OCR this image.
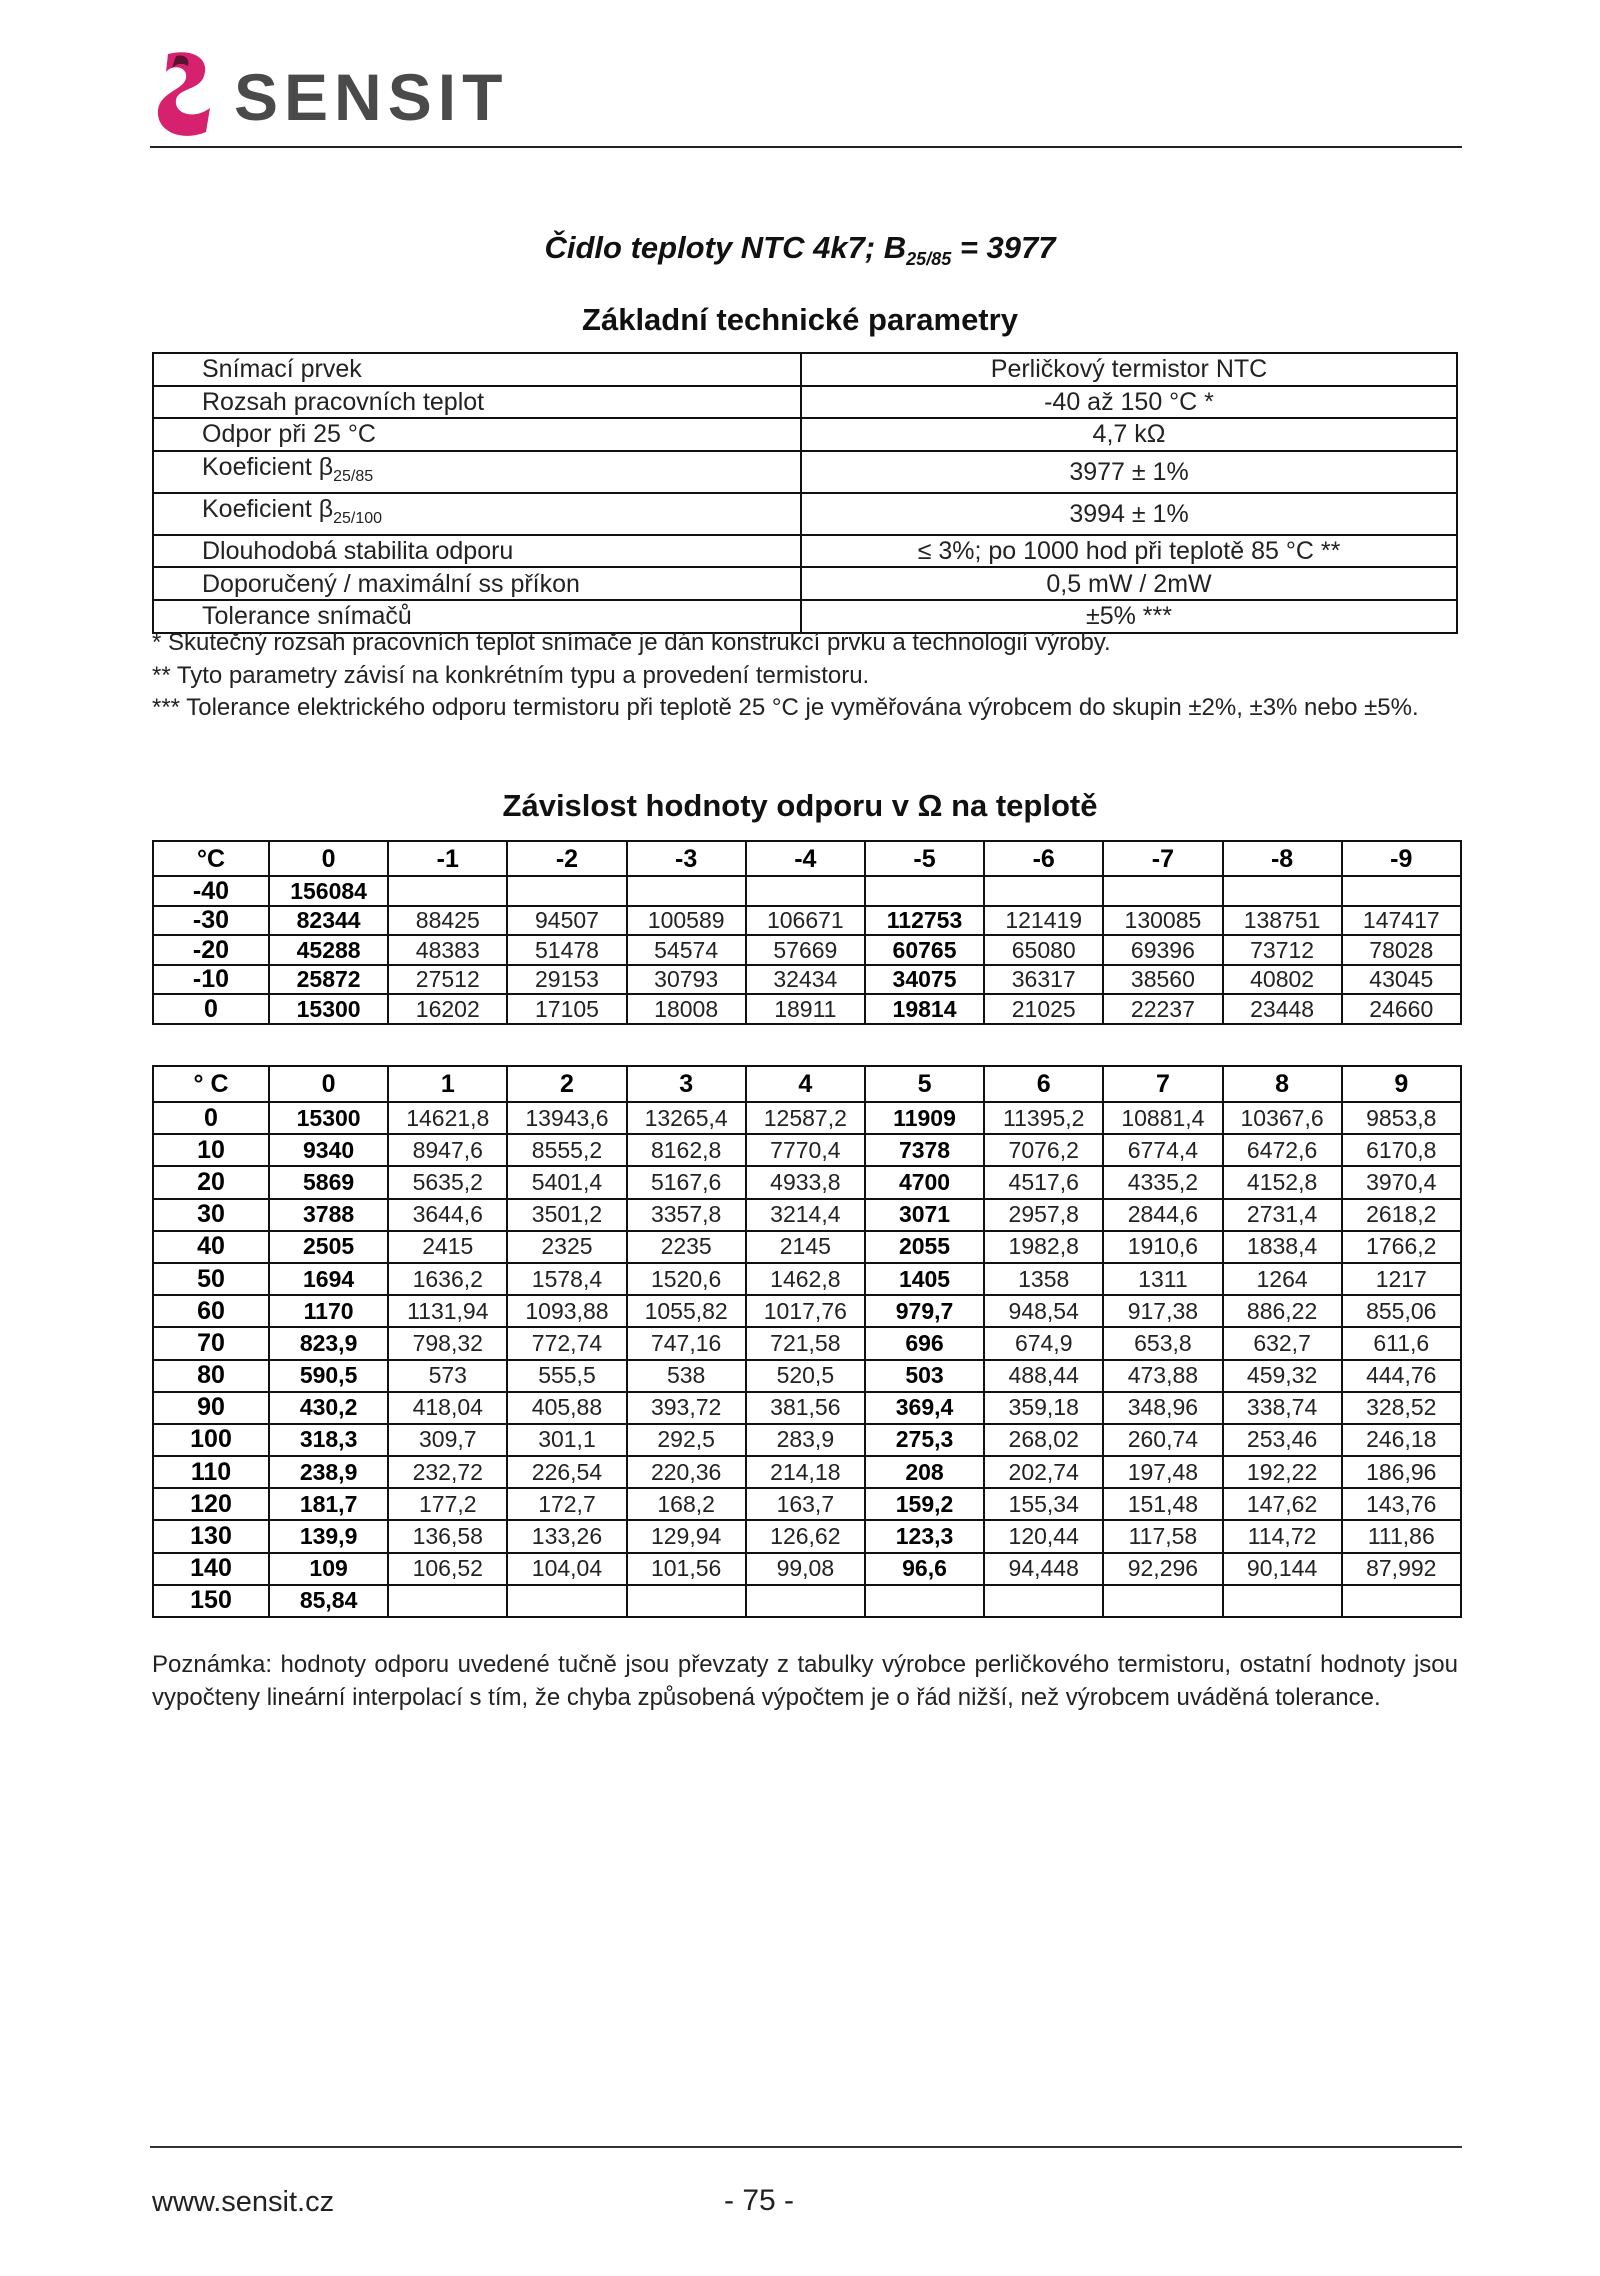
SENSIT
Čidlo teploty NTC 4k7; $B_{25/85} = 3977$
Základní technické parametry
Snímací prvek	Perličkový termistor NTC
Rozsah pracovních teplot	-40 až 150 °C *
Odpor při 25 °C	4,7 kΩ
Koeficient $\beta_{25/85}$	3977 ± 1%
Koeficient $\beta_{25/100}$	3994 ± 1%
Dlouhodobá stabilita odporu	≤ 3%; po 1000 hod při teplotě 85 °C **
Doporučený / maximální ss příkon	0,5 mW / 2mW
Tolerance snímačů	±5% ***
* Skutečný rozsah pracovních teplot snímače je dán konstrukcí prvku a technologií výroby.
** Tyto parametry závisí na konkrétním typu a provedení termistoru.
*** Tolerance elektrického odporu termistoru při teplotě 25 °C je vyměřována výrobcem do skupin ±2%, ±3% nebo ±5%.
Závislost hodnoty odporu v Ω na teplotě
°C	0	-1	-2	-3	-4	-5	-6	-7	-8	-9
-40	156084									
-30	82344	88425	94507	100589	106671	112753	121419	130085	138751	147417
-20	45288	48383	51478	54574	57669	60765	65080	69396	73712	78028
-10	25872	27512	29153	30793	32434	34075	36317	38560	40802	43045
0	15300	16202	17105	18008	18911	19814	21025	22237	23448	24660
° C	0	1	2	3	4	5	6	7	8	9
0	15300	14621,8	13943,6	13265,4	12587,2	11909	11395,2	10881,4	10367,6	9853,8
10	9340	8947,6	8555,2	8162,8	7770,4	7378	7076,2	6774,4	6472,6	6170,8
20	5869	5635,2	5401,4	5167,6	4933,8	4700	4517,6	4335,2	4152,8	3970,4
30	3788	3644,6	3501,2	3357,8	3214,4	3071	2957,8	2844,6	2731,4	2618,2
40	2505	2415	2325	2235	2145	2055	1982,8	1910,6	1838,4	1766,2
50	1694	1636,2	1578,4	1520,6	1462,8	1405	1358	1311	1264	1217
60	1170	1131,94	1093,88	1055,82	1017,76	979,7	948,54	917,38	886,22	855,06
70	823,9	798,32	772,74	747,16	721,58	696	674,9	653,8	632,7	611,6
80	590,5	573	555,5	538	520,5	503	488,44	473,88	459,32	444,76
90	430,2	418,04	405,88	393,72	381,56	369,4	359,18	348,96	338,74	328,52
100	318,3	309,7	301,1	292,5	283,9	275,3	268,02	260,74	253,46	246,18
110	238,9	232,72	226,54	220,36	214,18	208	202,74	197,48	192,22	186,96
120	181,7	177,2	172,7	168,2	163,7	159,2	155,34	151,48	147,62	143,76
130	139,9	136,58	133,26	129,94	126,62	123,3	120,44	117,58	114,72	111,86
140	109	106,52	104,04	101,56	99,08	96,6	94,448	92,296	90,144	87,992
150	85,84									
Poznámka: hodnoty odporu uvedené tučně jsou převzaty z tabulky výrobce perličkového termistoru, ostatní hodnoty jsou vypočteny lineární interpolací s tím, že chyba způsobená výpočtem je o řád nižší, než výrobcem uváděná tolerance.
www.sensit.cz	- 75 -
